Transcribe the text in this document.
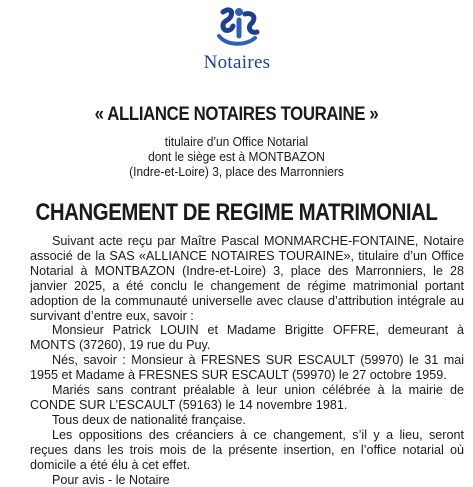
Notaires
« ALLIANCE NOTAIRES TOURAINE »
titulaire d’un Office Notarial
dont le siège est à MONTBAZON
(Indre-et-Loire) 3, place des Marronniers
CHANGEMENT DE REGIME MATRIMONIAL

Suivant acte reçu par Maître Pascal MONMARCHE-FONTAINE, Notaire associé de la SAS «ALLIANCE NOTAIRES TOURAINE», titulaire d’un Office Notarial à MONTBAZON (Indre-et-Loire) 3, place des Marronniers, le 28 janvier 2025, a été conclu le changement de régime matrimonial portant adoption de la communauté universelle avec clause d’attribution intégrale au survivant d’entre eux, savoir :

Monsieur Patrick LOUIN et Madame Brigitte OFFRE, demeurant à MONTS (37260), 19 rue du Puy.

Nés, savoir : Monsieur à FRESNES SUR ESCAULT (59970) le 31 mai 1955 et Madame à FRESNES SUR ESCAULT (59970) le 27 octobre 1959.

Mariés sans contrant préalable à leur union célébrée à la mairie de CONDE SUR L’ESCAULT (59163) le 14 novembre 1981.

Tous deux de nationalité française.

Les oppositions des créanciers à ce changement, s’il y a lieu, seront reçues dans les trois mois de la présente insertion, en l’office notarial où domicile a été élu à cet effet.

Pour avis - le Notaire
